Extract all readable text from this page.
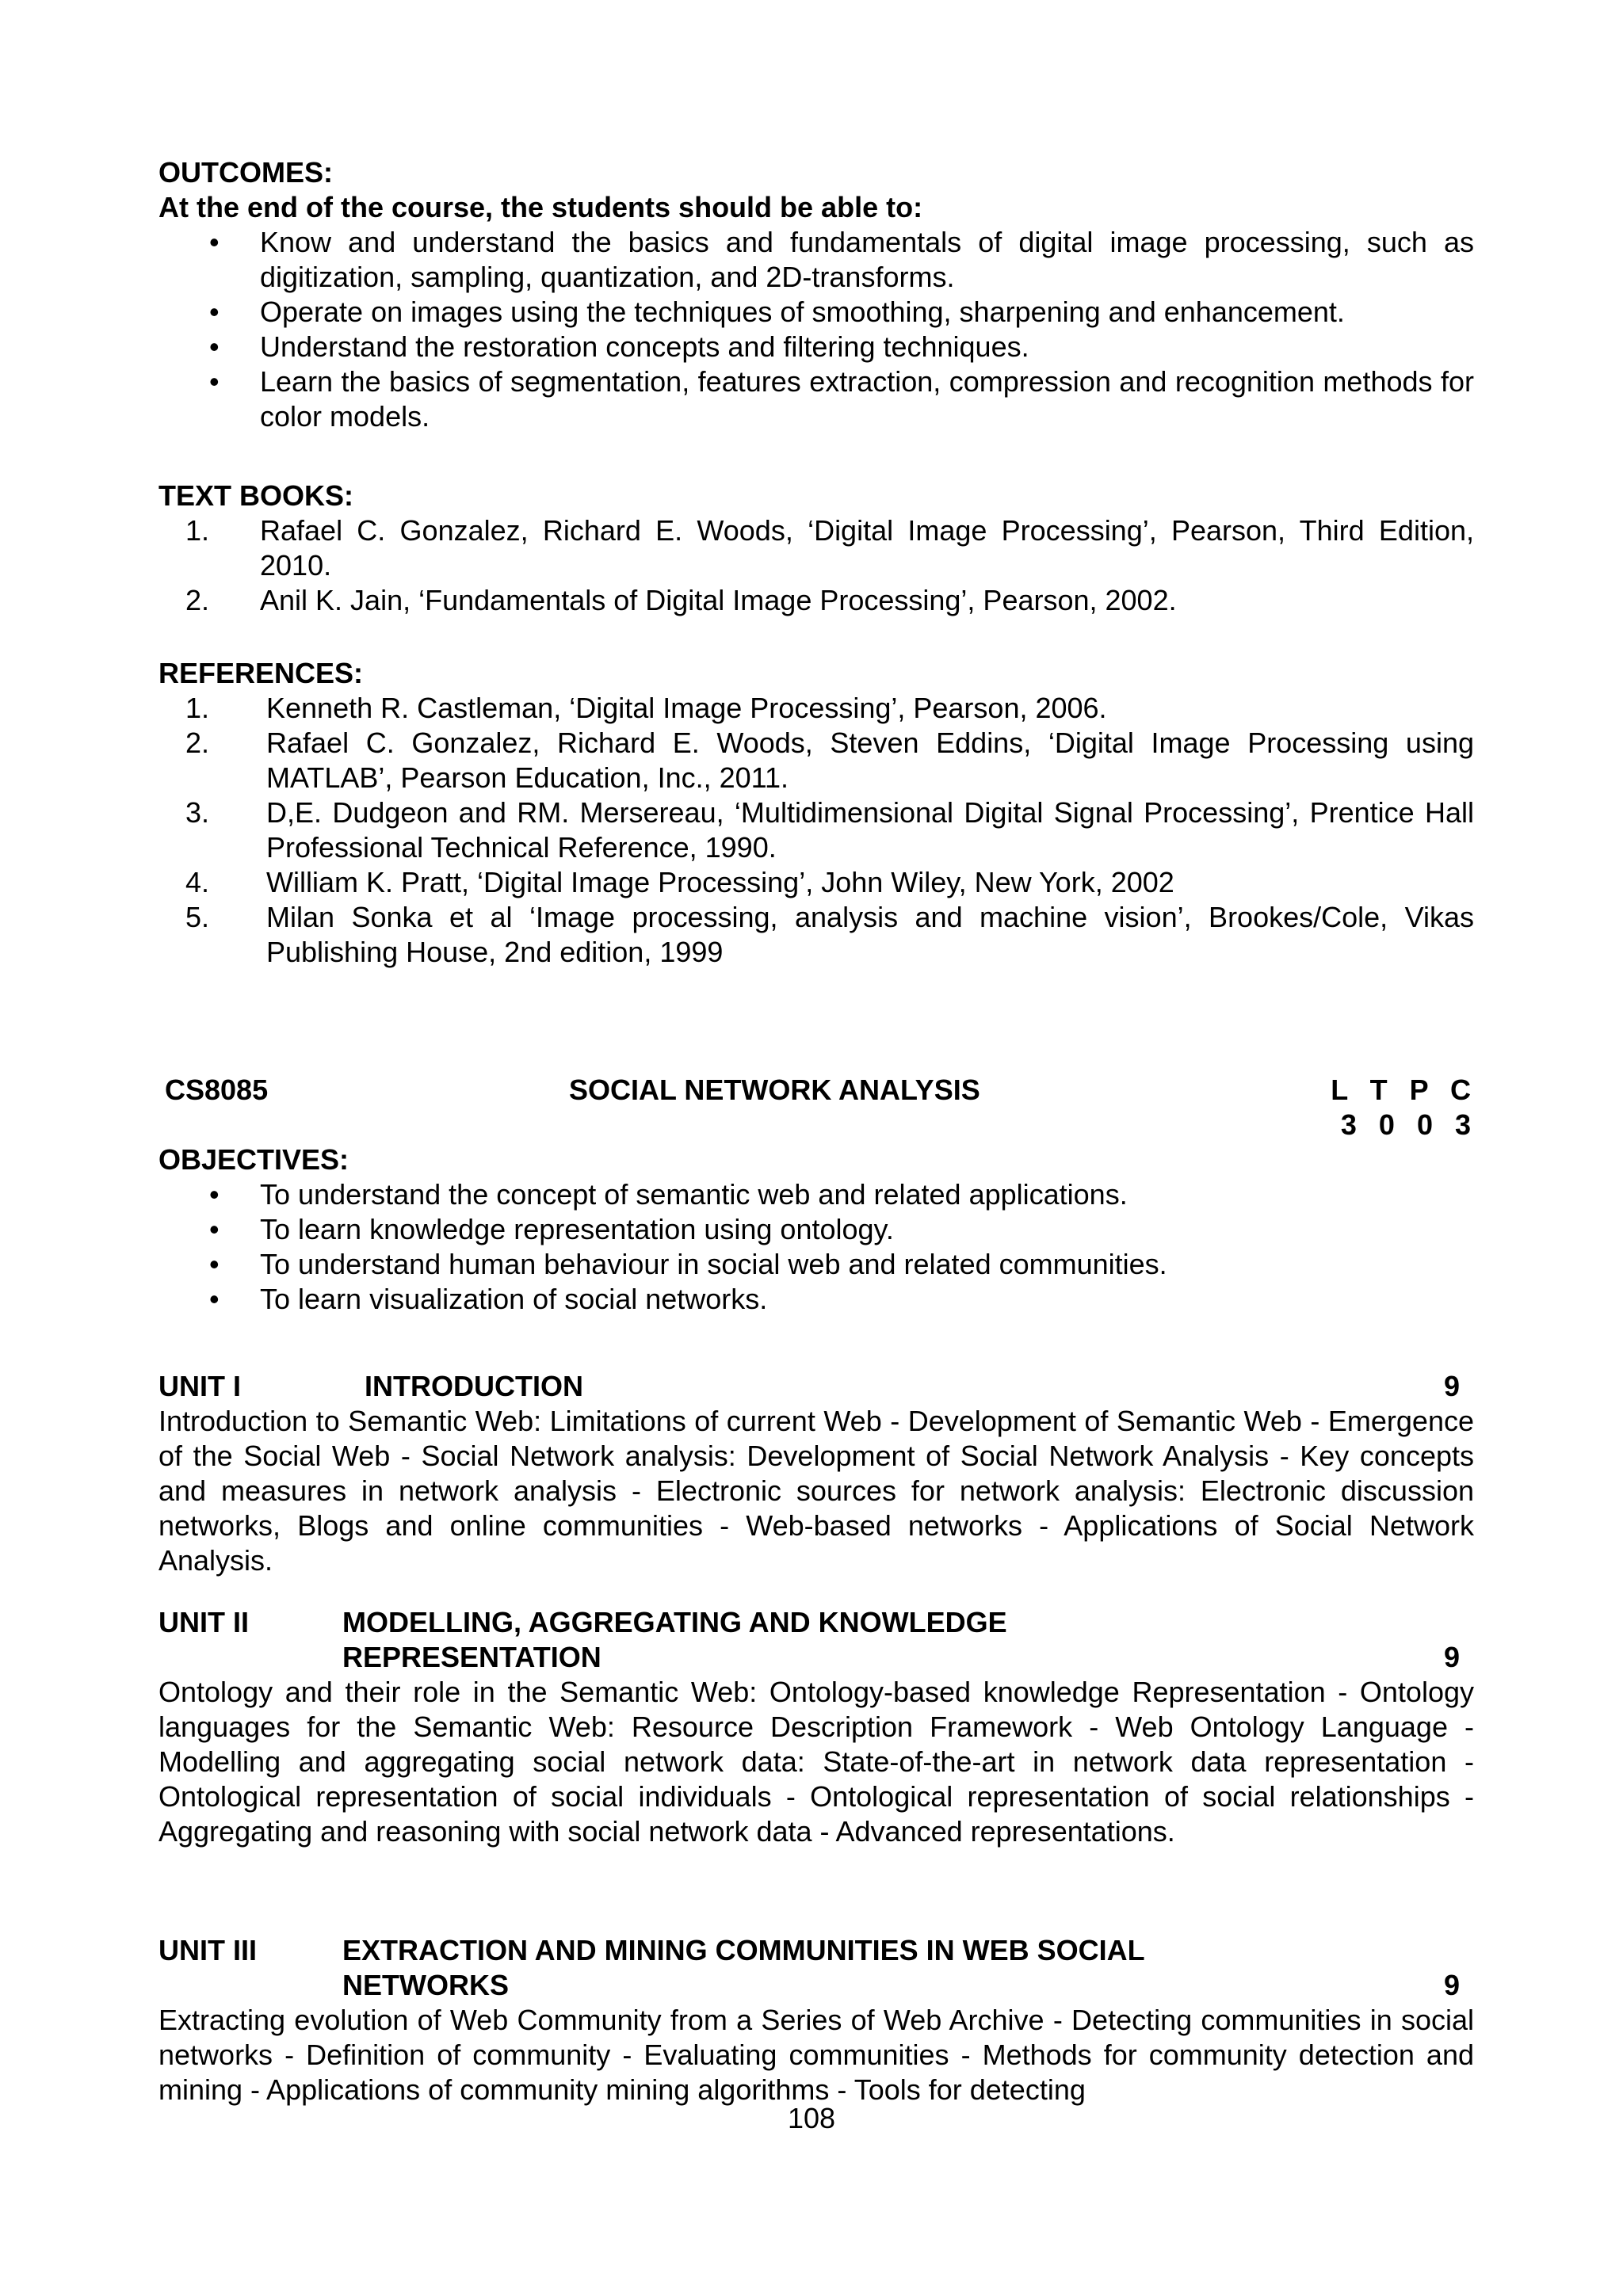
OUTCOMES:
At the end of the course, the students should be able to:
• Know and understand the basics and fundamentals of digital image processing, such as digitization, sampling, quantization, and 2D-transforms.
• Operate on images using the techniques of smoothing, sharpening and enhancement.
• Understand the restoration concepts and filtering techniques.
• Learn the basics of segmentation, features extraction, compression and recognition methods for color models.
TEXT BOOKS:
1. Rafael C. Gonzalez, Richard E. Woods, ‘Digital Image Processing’, Pearson, Third Edition, 2010.
2. Anil K. Jain, ‘Fundamentals of Digital Image Processing’, Pearson, 2002.
REFERENCES:
1. Kenneth R. Castleman, ‘Digital Image Processing’, Pearson, 2006.
2. Rafael C. Gonzalez, Richard E. Woods, Steven Eddins, ‘Digital Image Processing using MATLAB’, Pearson Education, Inc., 2011.
3. D,E. Dudgeon and RM. Mersereau, ‘Multidimensional Digital Signal Processing’, Prentice Hall Professional Technical Reference, 1990.
4. William K. Pratt, ‘Digital Image Processing’, John Wiley, New York, 2002
5. Milan Sonka et al ‘Image processing, analysis and machine vision’, Brookes/Cole, Vikas Publishing House, 2nd edition, 1999
CS8085	SOCIAL NETWORK ANALYSIS	L T P C
3 0 0 3
OBJECTIVES:
• To understand the concept of semantic web and related applications.
• To learn knowledge representation using ontology.
• To understand human behaviour in social web and related communities.
• To learn visualization of social networks.
UNIT I	INTRODUCTION	9
Introduction to Semantic Web: Limitations of current Web - Development of Semantic Web - Emergence of the Social Web - Social Network analysis: Development of Social Network Analysis - Key concepts and measures in network analysis - Electronic sources for network analysis: Electronic discussion networks, Blogs and online communities - Web-based networks - Applications of Social Network Analysis.
UNIT II	MODELLING, AGGREGATING AND KNOWLEDGE
REPRESENTATION	9
Ontology and their role in the Semantic Web: Ontology-based knowledge Representation - Ontology languages for the Semantic Web: Resource Description Framework - Web Ontology Language - Modelling and aggregating social network data: State-of-the-art in network data representation - Ontological representation of social individuals - Ontological representation of social relationships - Aggregating and reasoning with social network data - Advanced representations.
UNIT III	EXTRACTION AND MINING COMMUNITIES IN WEB SOCIAL
NETWORKS	9
Extracting evolution of Web Community from a Series of Web Archive - Detecting communities in social networks - Definition of community - Evaluating communities - Methods for community detection and mining - Applications of community mining algorithms - Tools for detecting
108
